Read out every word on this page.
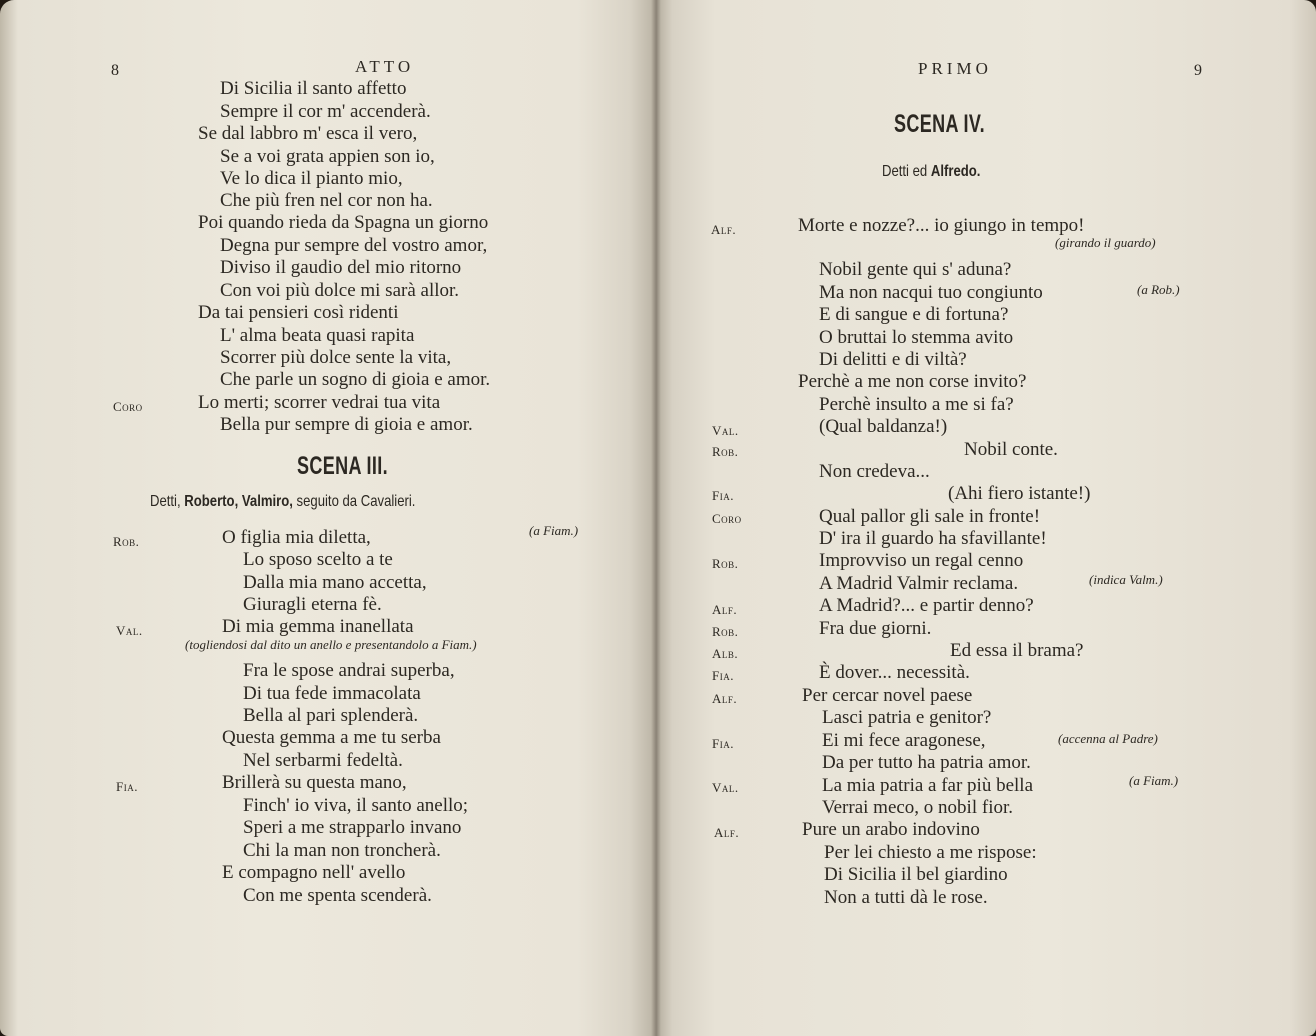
8	ATTO
Di Sicilia il santo affetto
Sempre il cor m' accenderà.
Se dal labbro m' esca il vero,
Se a voi grata appien son io,
Ve lo dica il pianto mio,
Che più fren nel cor non ha.
Poi quando rieda da Spagna un giorno
Degna pur sempre del vostro amor,
Diviso il gaudio del mio ritorno
Con voi più dolce mi sarà allor.
Da tai pensieri così ridenti
L' alma beata quasi rapita
Scorrer più dolce sente la vita,
Che parle un sogno di gioia e amor.
Coro	Lo merti; scorrer vedrai tua vita
Bella pur sempre di gioia e amor.
SCENA III.
Detti, Roberto, Valmiro, seguito da Cavalieri.
Rob.	O figlia mia diletta,	(a Fiam.)
Lo sposo scelto a te
Dalla mia mano accetta,
Giuragli eterna fè.
Val.	Di mia gemma inanellata
(togliendosi dal dito un anello e presentandolo a Fiam.)
Fra le spose andrai superba,
Di tua fede immacolata
Bella al pari splenderà.
Questa gemma a me tu serba
Nel serbarmi fedeltà.
Fia.	Brillerà su questa mano,
Finch' io viva, il santo anello;
Speri a me strapparlo invano
Chi la man non troncherà.
E compagno nell' avello
Con me spenta scenderà.
PRIMO	9
SCENA IV.
Detti ed Alfredo.
Alf.	Morte e nozze?... io giungo in tempo!
(girando il guardo)
Nobil gente qui s' aduna?
Ma non nacqui tuo congiunto	(a Rob.)
E di sangue e di fortuna?
O bruttai lo stemma avito
Di delitti e di viltà?
Perchè a me non corse invito?
Perchè insulto a me si fa?
Val.	(Qual baldanza!)
Rob.	Nobil conte.
Non credeva...
Fia.	(Ahi fiero istante!)
Coro	Qual pallor gli sale in fronte!
D' ira il guardo ha sfavillante!
Rob.	Improvviso un regal cenno
A Madrid Valmir reclama.	(indica Valm.)
Alf.	A Madrid?... e partir denno?
Rob.	Fra due giorni.
Alb.	Ed essa il brama?
Fia.	È dover... necessità.
Alf.	Per cercar novel paese
Lasci patria e genitor?
Fia.	Ei mi fece aragonese,	(accenna al Padre)
Da per tutto ha patria amor.
Val.	La mia patria a far più bella	(a Fiam.)
Verrai meco, o nobil fior.
Alf.	Pure un arabo indovino
Per lei chiesto a me rispose:
Di Sicilia il bel giardino
Non a tutti dà le rose.
